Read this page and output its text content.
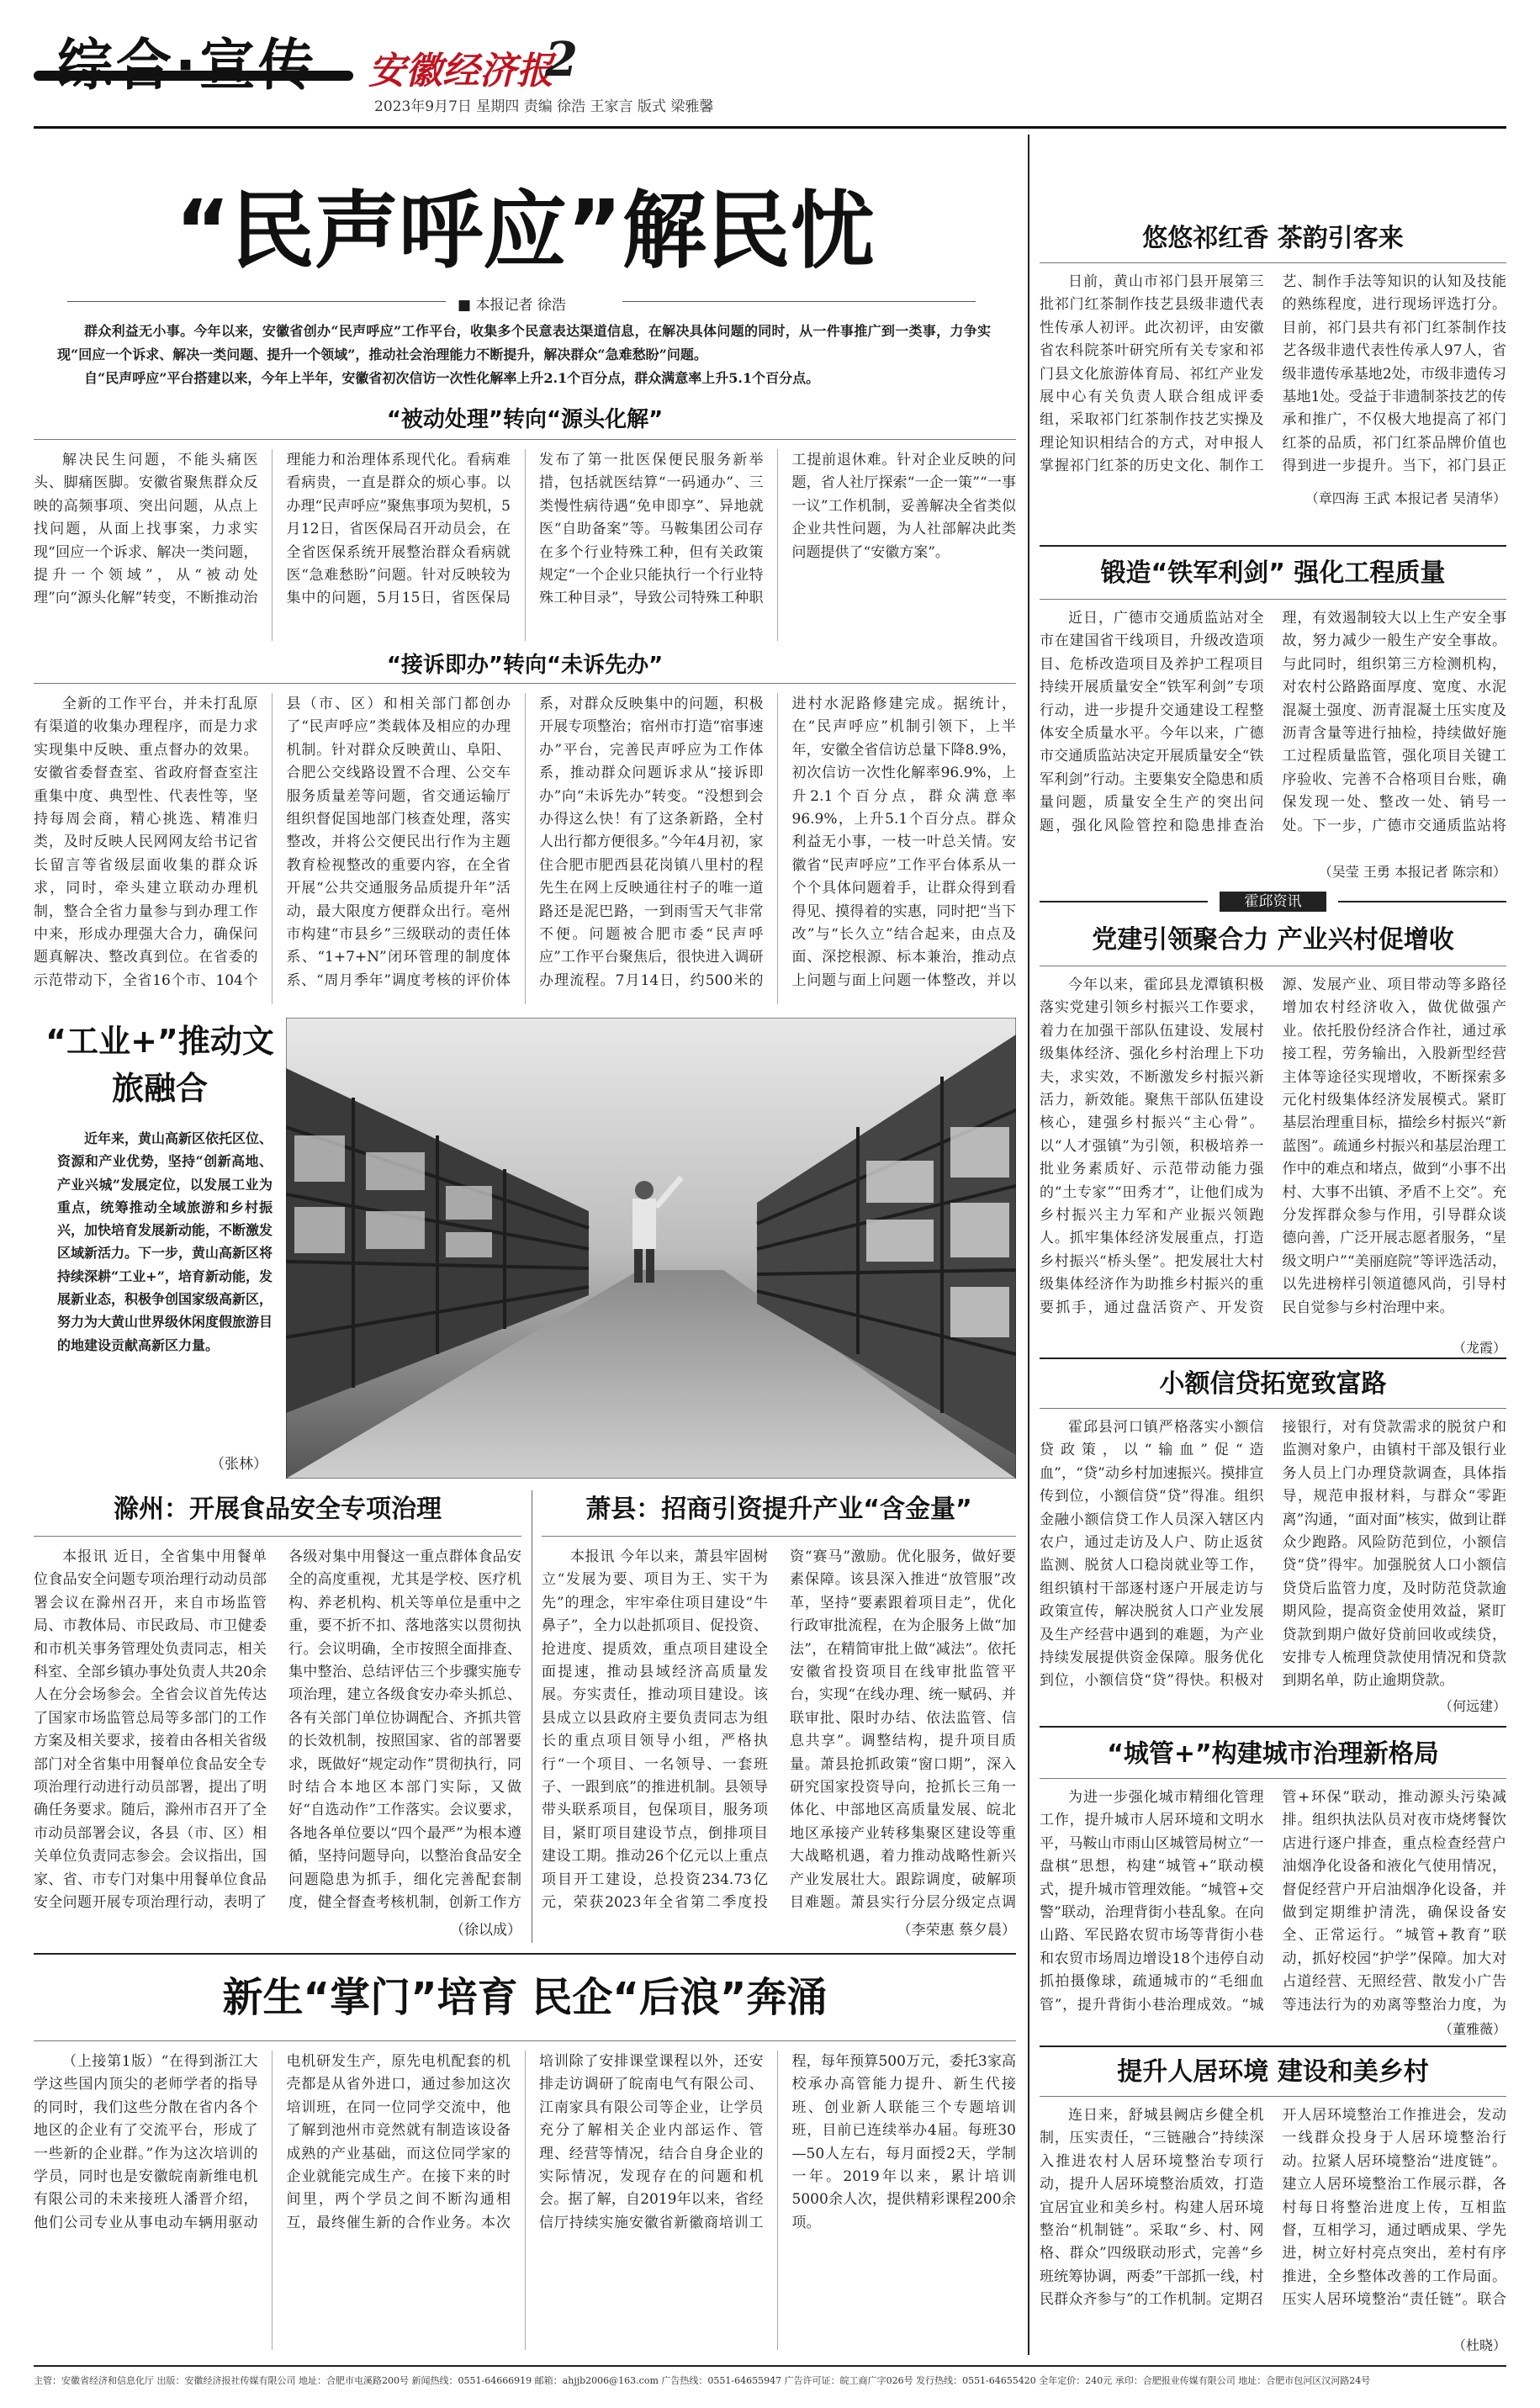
综合·宣传 安徽经济报
2
2023年9月7日 星期四 责编 徐浩 王家言 版式 梁雅馨
“民声呼应”解民忧
■ 本报记者 徐浩

群众利益无小事。今年以来，安徽省创办“民声呼应”工作平台，收集多个民意表达渠道信息，在解决具体问题的同时，从一件事推广到一类事，力争实现“回应一个诉求、解决一类问题、提升一个领域”，推动社会治理能力不断提升，解决群众“急难愁盼”问题。

自“民声呼应”平台搭建以来，今年上半年，安徽省初次信访一次性化解率上升2.1个百分点，群众满意率上升5.1个百分点。

“被动处理”转向“源头化解”

解决民生问题，不能头痛医头、脚痛医脚。安徽省聚焦群众反映的高频事项、突出问题，从点上找问题，从面上找事案，力求实现“回应一个诉求、解决一类问题，提升一个领域”，从“被动处理”向“源头化解”转变，不断推动治理能力和治理体系现代化。看病难看病贵，一直是群众的烦心事。以办理“民声呼应”聚焦事项为契机，5月12日，省医保局召开动员会，在全省医保系统开展整治群众看病就医“急难愁盼”问题。针对反映较为集中的问题，5月15日，省医保局发布了第一批医保便民服务新举措，包括就医结算“一码通办”、三类慢性病待遇“免申即享”、异地就医“自助备案”等。马鞍集团公司存在多个行业特殊工种，但有关政策规定“一个企业只能执行一个行业特殊工种目录”，导致公司特殊工种职工提前退休难。针对企业反映的问题，省人社厅探索“一企一策”“一事一议”工作机制，妥善解决全省类似企业共性问题，为人社部解决此类问题提供了“安徽方案”。

“接诉即办”转向“未诉先办”

全新的工作平台，并未打乱原有渠道的收集办理程序，而是力求实现集中反映、重点督办的效果。安徽省委督查室、省政府督查室注重集中度、典型性、代表性等，坚持每周会商，精心挑选、精准归类，及时反映人民网网友给书记省长留言等省级层面收集的群众诉求，同时，牵头建立联动办理机制，整合全省力量参与到办理工作中来，形成办理强大合力，确保问题真解决、整改真到位。在省委的示范带动下，全省16个市、104个县（市、区）和相关部门都创办了“民声呼应”类载体及相应的办理机制。针对群众反映黄山、阜阳、合肥公交线路设置不合理、公交车服务质量差等问题，省交通运输厅组织督促国地部门核查处理，落实整改，并将公交便民出行作为主题教育检视整改的重要内容，在全省开展“公共交通服务品质提升年”活动，最大限度方便群众出行。亳州市构建“市县乡”三级联动的责任体系、“1+7+N”闭环管理的制度体系、“周月季年”调度考核的评价体系，对群众反映集中的问题，积极开展专项整治；宿州市打造“宿事速办”平台，完善民声呼应为工作体系，推动群众问题诉求从“接诉即办”向“未诉先办”转变。“没想到会办得这么快！有了这条新路，全村人出行都方便很多。”今年4月初，家住合肥市肥西县花岗镇八里村的程先生在网上反映通往村子的唯一道路还是泥巴路，一到雨雪天气非常不便。问题被合肥市委“民声呼应”工作平台聚焦后，很快进入调研办理流程。7月14日，约500米的进村水泥路修建完成。据统计，在“民声呼应”机制引领下，上半年，安徽全省信访总量下降8.9%，初次信访一次性化解率96.9%，上升2.1个百分点，群众满意率96.9%，上升5.1个百分点。群众利益无小事，一枝一叶总关情。安徽省“民声呼应”工作平台体系从一个个具体问题着手，让群众得到看得见、摸得着的实惠，同时把“当下改”与“长久立”结合起来，由点及面、深挖根源、标本兼治，推动点上问题与面上问题一体整改，并以

“工业+”推动文旅融合
近年来，黄山高新区依托区位、资源和产业优势，坚持“创新高地、产业兴城”发展定位，以发展工业为重点，统筹推动全域旅游和乡村振兴，加快培育发展新动能，不断激发区域新活力。下一步，黄山高新区将持续深耕“工业+”，培育新动能，发展新业态，积极争创国家级高新区，努力为大黄山世界级休闲度假旅游目的地建设贡献高新区力量。
（张林）
滁州：开展食品安全专项治理

本报讯 近日，全省集中用餐单位食品安全问题专项治理行动动员部署会议在滁州召开，来自市场监管局、市教体局、市民政局、市卫健委和市机关事务管理处负责同志，相关科室、全部乡镇办事处负责人共20余人在分会场参会。全省会议首先传达了国家市场监管总局等多部门的工作方案及相关要求，接着由各相关省级部门对全省集中用餐单位食品安全专项治理行动进行动员部署，提出了明确任务要求。随后，滁州市召开了全市动员部署会议，各县（市、区）相关单位负责同志参会。会议指出，国家、省、市专门对集中用餐单位食品安全问题开展专项治理行动，表明了各级对集中用餐这一重点群体食品安全的高度重视，尤其是学校、医疗机构、养老机构、机关等单位是重中之重，要不折不扣、落地落实以贯彻执行。会议明确，全市按照全面排查、集中整治、总结评估三个步骤实施专项治理，建立各级食安办牵头抓总、各有关部门单位协调配合、齐抓共管的长效机制，按照国家、省的部署要求，既做好“规定动作”贯彻执行，同时结合本地区本部门实际，又做好“自选动作”工作落实。会议要求，各地各单位要以“四个最严”为根本遵循，坚持问题导向，以整治食品安全问题隐患为抓手，细化完善配套制度，健全督查考核机制，创新工作方

（徐以成）
萧县：招商引资提升产业“含金量”

本报讯 今年以来，萧县牢固树立“发展为要、项目为王、实干为先”的理念，牢牢牵住项目建设“牛鼻子”，全力以赴抓项目、促投资、抢进度、提质效，重点项目建设全面提速，推动县域经济高质量发展。夯实责任，推动项目建设。该县成立以县政府主要负责同志为组长的重点项目领导小组，严格执行“一个项目、一名领导、一套班子、一跟到底”的推进机制。县领导带头联系项目，包保项目，服务项目，紧盯项目建设节点，倒排项目建设工期。推动26个亿元以上重点项目开工建设，总投资234.73亿元，荣获2023年全省第二季度投资“赛马”激励。优化服务，做好要素保障。该县深入推进“放管服”改革，坚持“要素跟着项目走”，优化行政审批流程，在为企服务上做“加法”，在精简审批上做“减法”。依托安徽省投资项目在线审批监管平台，实现“在线办理、统一赋码、并联审批、限时办结、依法监管、信息共享”。调整结构，提升项目质量。萧县抢抓政策“窗口期”，深入研究国家投资导向，抢抓长三角一体化、中部地区高质量发展、皖北地区承接产业转移集聚区建设等重大战略机遇，着力推动战略性新兴产业发展壮大。跟踪调度，破解项目难题。萧县实行分层分级定点调

（李荣惠 蔡夕晨）
新生“掌门”培育 民企“后浪”奔涌

（上接第1版）“在得到浙江大学这些国内顶尖的老师学者的指导的同时，我们这些分散在省内各个地区的企业有了交流平台，形成了一些新的企业群。”作为这次培训的学员，同时也是安徽皖南新维电机有限公司的未来接班人潘晋介绍，他们公司专业从事电动车辆用驱动电机研发生产，原先电机配套的机壳都是从省外进口，通过参加这次培训班，在同一位同学交流中，他了解到池州市竞然就有制造该设备成熟的产业基础，而这位同学家的企业就能完成生产。在接下来的时间里，两个学员之间不断沟通相互，最终催生新的合作业务。本次培训除了安排课堂课程以外，还安排走访调研了皖南电气有限公司、江南家具有限公司等企业，让学员充分了解相关企业内部运作、管理、经营等情况，结合自身企业的实际情况，发现存在的问题和机会。据了解，自2019年以来，省经信厅持续实施安徽省新徽商培训工程，每年预算500万元，委托3家高校承办高管能力提升、新生代接班、创业新人联能三个专题培训班，目前已连续举办4届。每班30—50人左右，每月面授2天，学制一年。2019年以来，累计培训5000余人次，提供精彩课程200余项。

悠悠祁红香 茶韵引客来

日前，黄山市祁门县开展第三批祁门红茶制作技艺县级非遗代表性传承人初评。此次初评，由安徽省农科院茶叶研究所有关专家和祁门县文化旅游体育局、祁红产业发展中心有关负责人联合组成评委组，采取祁门红茶制作技艺实操及理论知识相结合的方式，对申报人掌握祁门红茶的历史文化、制作工艺、制作手法等知识的认知及技能的熟练程度，进行现场评选打分。目前，祁门县共有祁门红茶制作技艺各级非遗代表性传承人97人，省级非遗传承基地2处，市级非遗传习基地1处。受益于非遗制茶技艺的传承和推广，不仅极大地提高了祁门红茶的品质，祁门红茶品牌价值也得到进一步提升。当下，祁门县正

（章四海 王武 本报记者 吴清华）
锻造“铁军利剑” 强化工程质量

近日，广德市交通质监站对全市在建国省干线项目，升级改造项目、危桥改造项目及养护工程项目持续开展质量安全“铁军利剑”专项行动，进一步提升交通建设工程整体安全质量水平。今年以来，广德市交通质监站决定开展质量安全“铁军利剑”行动。主要集安全隐患和质量问题，质量安全生产的突出问题，强化风险管控和隐患排查治理，有效遏制较大以上生产安全事故，努力减少一般生产安全事故。与此同时，组织第三方检测机构，对农村公路路面厚度、宽度、水泥混凝土强度、沥青混凝土压实度及沥青含量等进行抽检，持续做好施工过程质量监管，强化项目关键工序验收、完善不合格项目台账，确保发现一处、整改一处、销号一处。下一步，广德市交通质监站将

（吴莹 王勇 本报记者 陈宗和）
霍邱资讯
党建引领聚合力 产业兴村促增收

今年以来，霍邱县龙潭镇积极落实党建引领乡村振兴工作要求，着力在加强干部队伍建设、发展村级集体经济、强化乡村治理上下功夫，求实效，不断激发乡村振兴新活力，新效能。聚焦干部队伍建设核心，建强乡村振兴“主心骨”。以“人才强镇”为引领，积极培养一批业务素质好、示范带动能力强的“土专家”“田秀才”，让他们成为乡村振兴主力军和产业振兴领跑人。抓牢集体经济发展重点，打造乡村振兴“桥头堡”。把发展壮大村级集体经济作为助推乡村振兴的重要抓手，通过盘活资产、开发资源、发展产业、项目带动等多路径增加农村经济收入，做优做强产业。依托股份经济合作社，通过承接工程，劳务输出，入股新型经营主体等途径实现增收，不断探索多元化村级集体经济发展模式。紧盯基层治理重目标，描绘乡村振兴“新蓝图”。疏通乡村振兴和基层治理工作中的难点和堵点，做到“小事不出村、大事不出镇、矛盾不上交”。充分发挥群众参与作用，引导群众谈德向善，广泛开展志愿者服务，“星级文明户”“美丽庭院”等评选活动，以先进榜样引领道德风尚，引导村民自觉参与乡村治理中来。

（龙霞）
小额信贷拓宽致富路

霍邱县河口镇严格落实小额信贷政策，以“输血”促“造血”，“贷”动乡村加速振兴。摸排宣传到位，小额信贷“贷”得准。组织金融小额信贷工作人员深入辖区内农户，通过走访及人户、防止返贫监测、脱贫人口稳岗就业等工作，组织镇村干部逐村逐户开展走访与政策宣传，解决脱贫人口产业发展及生产经营中遇到的难题，为产业持续发展提供资金保障。服务优化到位，小额信贷“贷”得快。积极对接银行，对有贷款需求的脱贫户和监测对象户，由镇村干部及银行业务人员上门办理贷款调查，具体指导，规范申报材料，与群众“零距离”沟通，“面对面”核实，做到让群众少跑路。风险防范到位，小额信贷“贷”得牢。加强脱贫人口小额信贷贷后监管力度，及时防范贷款逾期风险，提高资金使用效益，紧盯贷款到期户做好贷前回收或续贷，安排专人梳理贷款使用情况和贷款到期名单，防止逾期贷款。

（何远建）
“城管+”构建城市治理新格局

为进一步强化城市精细化管理工作，提升城市人居环境和文明水平，马鞍山市雨山区城管局树立“一盘棋”思想，构建“城管+”联动模式，提升城市管理效能。“城管+交警”联动，治理背街小巷乱象。在向山路、军民路农贸市场等背街小巷和农贸市场周边增设18个违停自动抓拍摄像球，疏通城市的“毛细血管”，提升背街小巷治理成效。“城管+环保”联动，推动源头污染减排。组织执法队员对夜市烧烤餐饮店进行逐户排查，重点检查经营户油烟净化设备和液化气使用情况，督促经营户开启油烟净化设备，并做到定期维护清洗，确保设备安全、正常运行。“城管+教育”联动，抓好校园“护学”保障。加大对占道经营、无照经营、散发小广告等违法行为的劝离等整治力度，为

（董雅薇）
提升人居环境 建设和美乡村

连日来，舒城县阙店乡健全机制，压实责任，“三链融合”持续深入推进农村人居环境整治专项行动，提升人居环境整治质效，打造宜居宜业和美乡村。构建人居环境整治“机制链”。采取“乡、村、网格、群众”四级联动形式，完善“乡班统筹协调，两委”干部抓一线，村民群众齐参与”的工作机制。定期召开人居环境整治工作推进会，发动一线群众投身于人居环境整治行动。拉紧人居环境整治“进度链”。建立人居环境整治工作展示群，各村每日将整治进度上传，互相监督，互相学习，通过晒成果、学先进，树立好村亮点突出，差村有序推进，全乡整体改善的工作局面。压实人居环境整治“责任链”。联合

（杜晓）
主管：安徽省经济和信息化厅 出版：安徽经济报社传媒有限公司 地址：合肥市屯溪路200号 新闻热线：0551-64666919 邮箱：ahjjb2006@163.com 广告热线：0551-64655947 广告许可证：皖工商广字026号 发行热线：0551-64655420 全年定价：240元 承印：合肥报业传媒有限公司 地址：合肥市包河区汉河路24号
